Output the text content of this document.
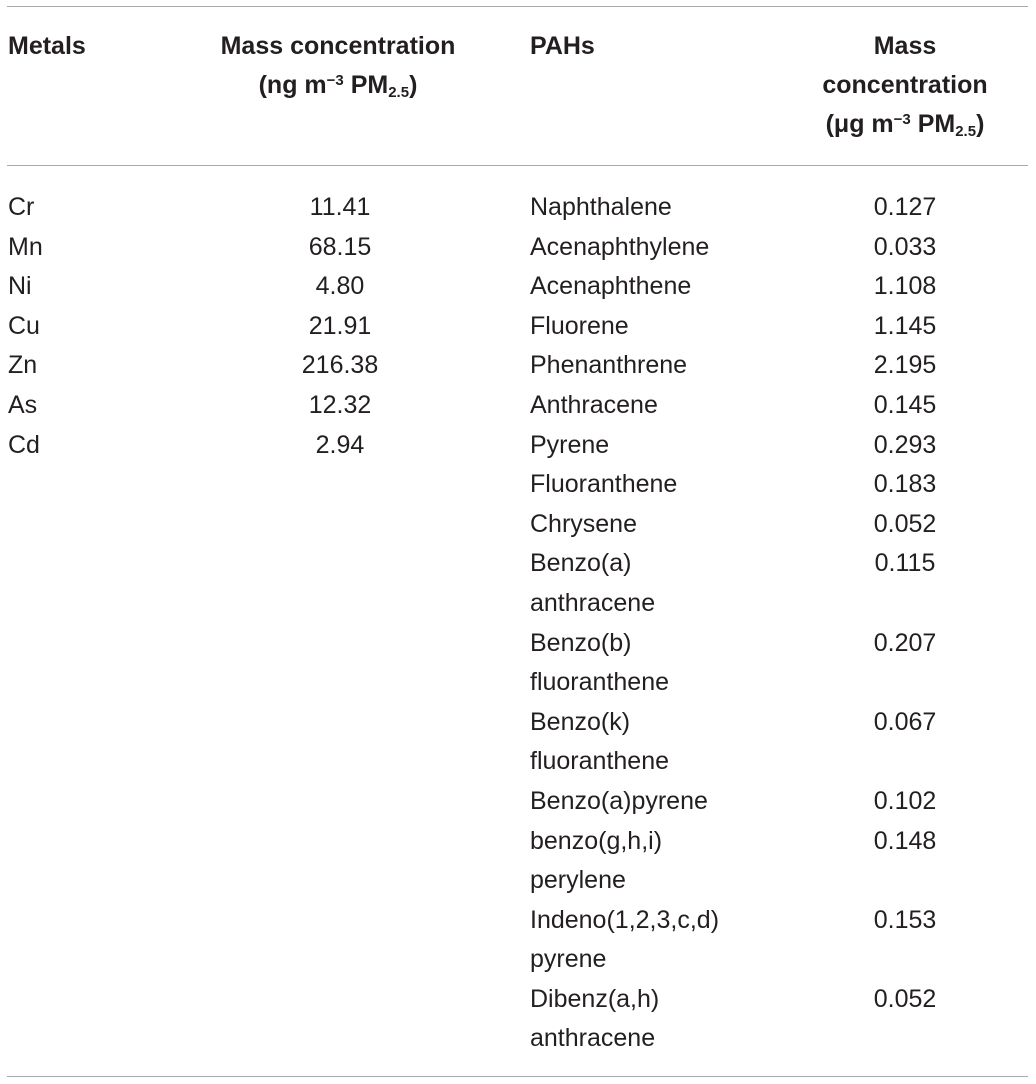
Metals	Mass concentration
(ng $m^{-3}$ $PM_{2.5}$)
PAHs	Mass
concentration
(μg $m^{-3}$ $PM_{2.5}$)
Cr
Mn
Ni
Cu
Zn
As
Cd
11.41
68.15
4.80
21.91
216.38
12.32
2.94
Naphthalene
Acenaphthylene
Acenaphthene
Fluorene
Phenanthrene
Anthracene
Pyrene
Fluoranthene
Chrysene
Benzo(a) anthracene
Benzo(b) fluoranthene
Benzo(k) fluoranthene
Benzo(a)pyrene
benzo(g,h,i) perylene
Indeno(1,2,3,c,d) pyrene
Dibenz(a,h) anthracene
0.127
0.033
1.108
1.145
2.195
0.145
0.293
0.183
0.052
0.115
0.207
0.067
0.102
0.148
0.153
0.052
